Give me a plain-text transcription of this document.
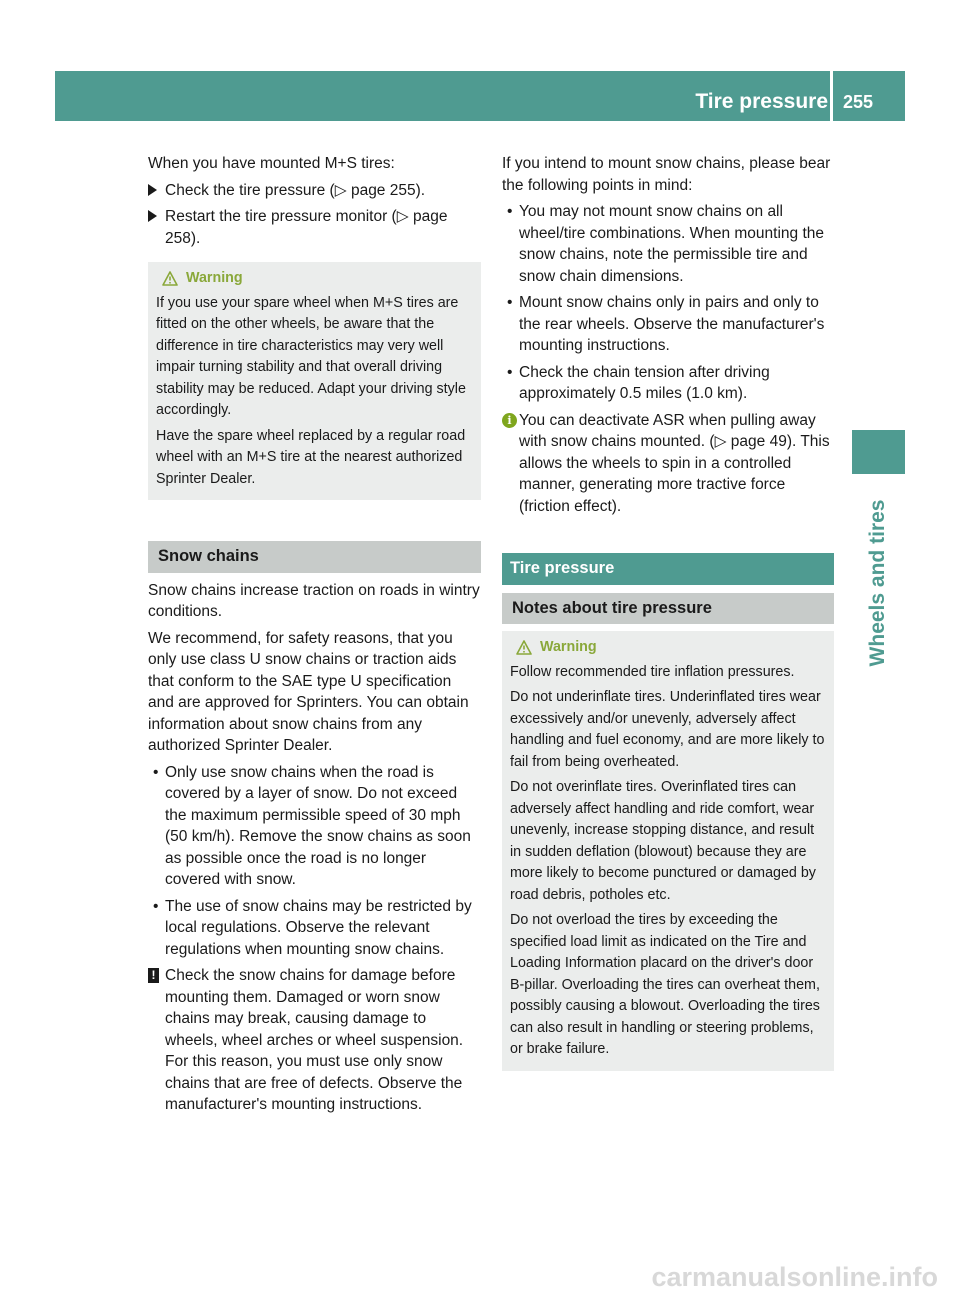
Tire pressure 255
Wheels and tires

When you have mounted M+S tires:

Check the tire pressure (▷ page 255).
Restart the tire pressure monitor (▷ page 258).
Warning

If you use your spare wheel when M+S tires are fitted on the other wheels, be aware that the difference in tire characteristics may very well impair turning stability and that overall driving stability may be reduced. Adapt your driving style accordingly.

Have the spare wheel replaced by a regular road wheel with an M+S tire at the nearest authorized Sprinter Dealer.

Snow chains

Snow chains increase traction on roads in wintry conditions.

We recommend, for safety reasons, that you only use class U snow chains or traction aids that conform to the SAE type U specification and are approved for Sprinters. You can obtain information about snow chains from any authorized Sprinter Dealer.

• Only use snow chains when the road is covered by a layer of snow. Do not exceed the maximum permissible speed of 30 mph (50 km/h). Remove the snow chains as soon as possible once the road is no longer covered with snow.
• The use of snow chains may be restricted by local regulations. Observe the relevant regulations when mounting snow chains.
! Check the snow chains for damage before mounting them. Damaged or worn snow chains may break, causing damage to wheels, wheel arches or wheel suspension. For this reason, you must use only snow chains that are free of defects. Observe the manufacturer's mounting instructions.

If you intend to mount snow chains, please bear the following points in mind:

• You may not mount snow chains on all wheel/tire combinations. When mounting the snow chains, note the permissible tire and snow chain dimensions.
• Mount snow chains only in pairs and only to the rear wheels. Observe the manufacturer's mounting instructions.
• Check the chain tension after driving approximately 0.5 miles (1.0 km).
i You can deactivate ASR when pulling away with snow chains mounted. (▷ page 49). This allows the wheels to spin in a controlled manner, generating more tractive force (friction effect).
Tire pressure
Notes about tire pressure
Warning

Follow recommended tire inflation pressures.

Do not underinflate tires. Underinflated tires wear excessively and/or unevenly, adversely affect handling and fuel economy, and are more likely to fail from being overheated.

Do not overinflate tires. Overinflated tires can adversely affect handling and ride comfort, wear unevenly, increase stopping distance, and result in sudden deflation (blowout) because they are more likely to become punctured or damaged by road debris, potholes etc.

Do not overload the tires by exceeding the specified load limit as indicated on the Tire and Loading Information placard on the driver's door B-pillar. Overloading the tires can overheat them, possibly causing a blowout. Overloading the tires can also result in handling or steering problems, or brake failure.

carmanualsonline.info
